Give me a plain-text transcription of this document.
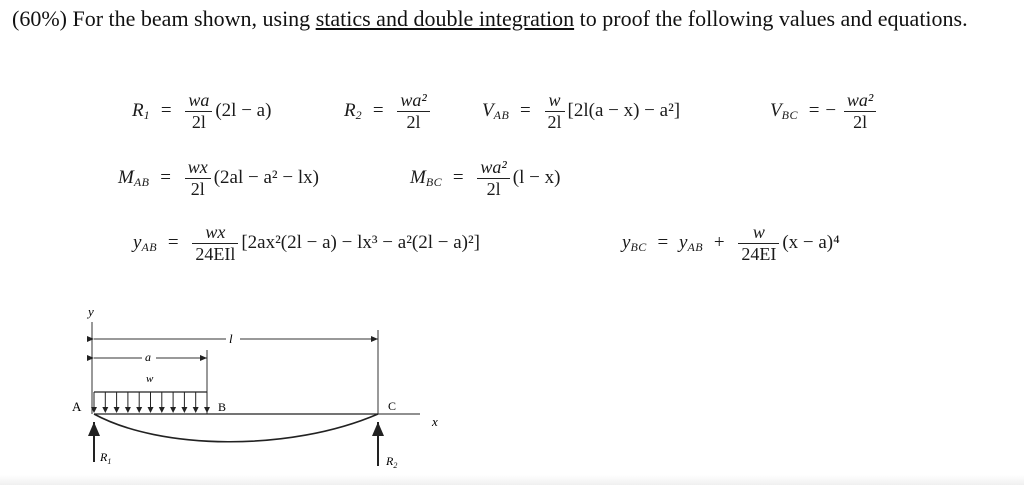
(60%) For the beam shown, using statics and double integration to proof the following values and equations.
$R_1 = \frac{wa}{2l} (2l - a)$	$R_2 = \frac{\text{wa²}}{2l}$	$V_{AB} = \frac{w}{2l} [2l(a - x) - a^2]$	$V_{BC}$ = − $\frac{\text{wa²}}{2l}$
$M_{AB} = \frac{wx}{2l} (2al - a^2 - lx)$	$M_{BC} = \frac{\text{wa²}}{2l} (l - x)$
$y_{AB} = \frac{wx}{\text{24EIl}} [2ax^2(2l - a) - lx^3 - a^2(2l - a)^2]$	$y_{BC} = y_{AB} + \frac{w}{24EI} (x - a)^4$
y
l
a
w
x
A	B	C
$R_1$	$R_2$
